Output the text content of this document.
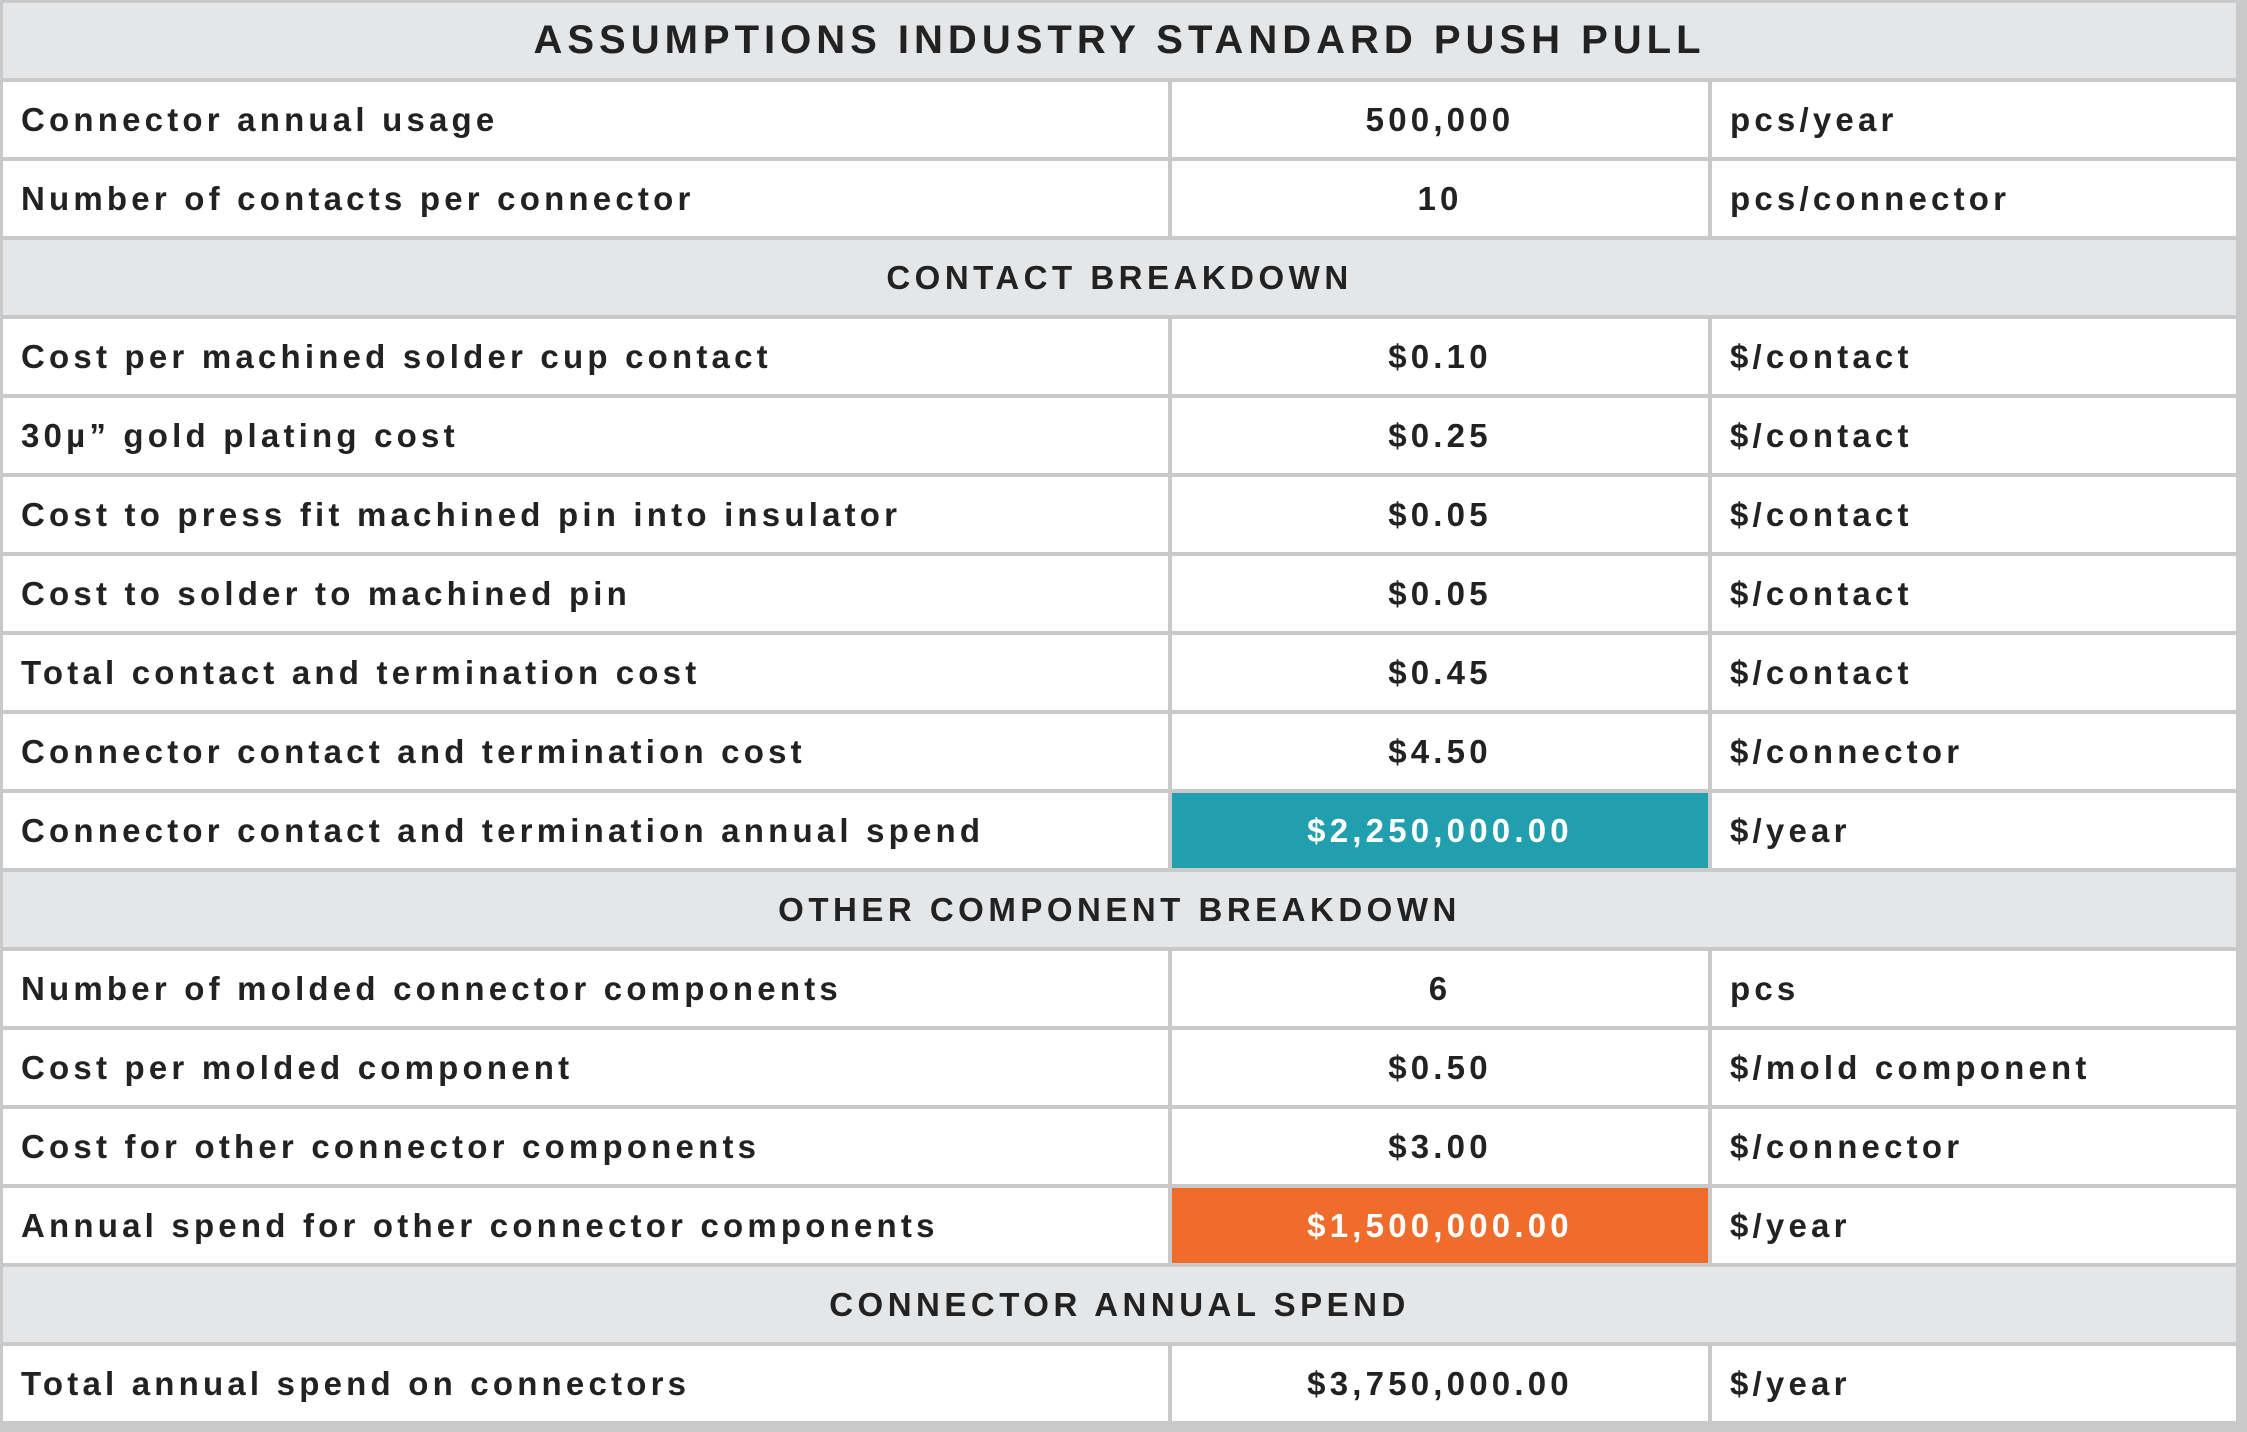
ASSUMPTIONS INDUSTRY STANDARD PUSH PULL		
Connector annual usage	500,000	pcs/year
Number of contacts per connector	10	pcs/connector
CONTACT BREAKDOWN		
Cost per machined solder cup contact	$0.10	$/contact
30µ” gold plating cost	$0.25	$/contact
Cost to press fit machined pin into insulator	$0.05	$/contact
Cost to solder to machined pin	$0.05	$/contact
Total contact and termination cost	$0.45	$/contact
Connector contact and termination cost	$4.50	$/connector
Connector contact and termination annual spend	$2,250,000.00	$/year
OTHER COMPONENT BREAKDOWN		
Number of molded connector components	6	pcs
Cost per molded component	$0.50	$/mold component
Cost for other connector components	$3.00	$/connector
Annual spend for other connector components	$1,500,000.00	$/year
CONNECTOR ANNUAL SPEND		
Total annual spend on connectors	$3,750,000.00	$/year
